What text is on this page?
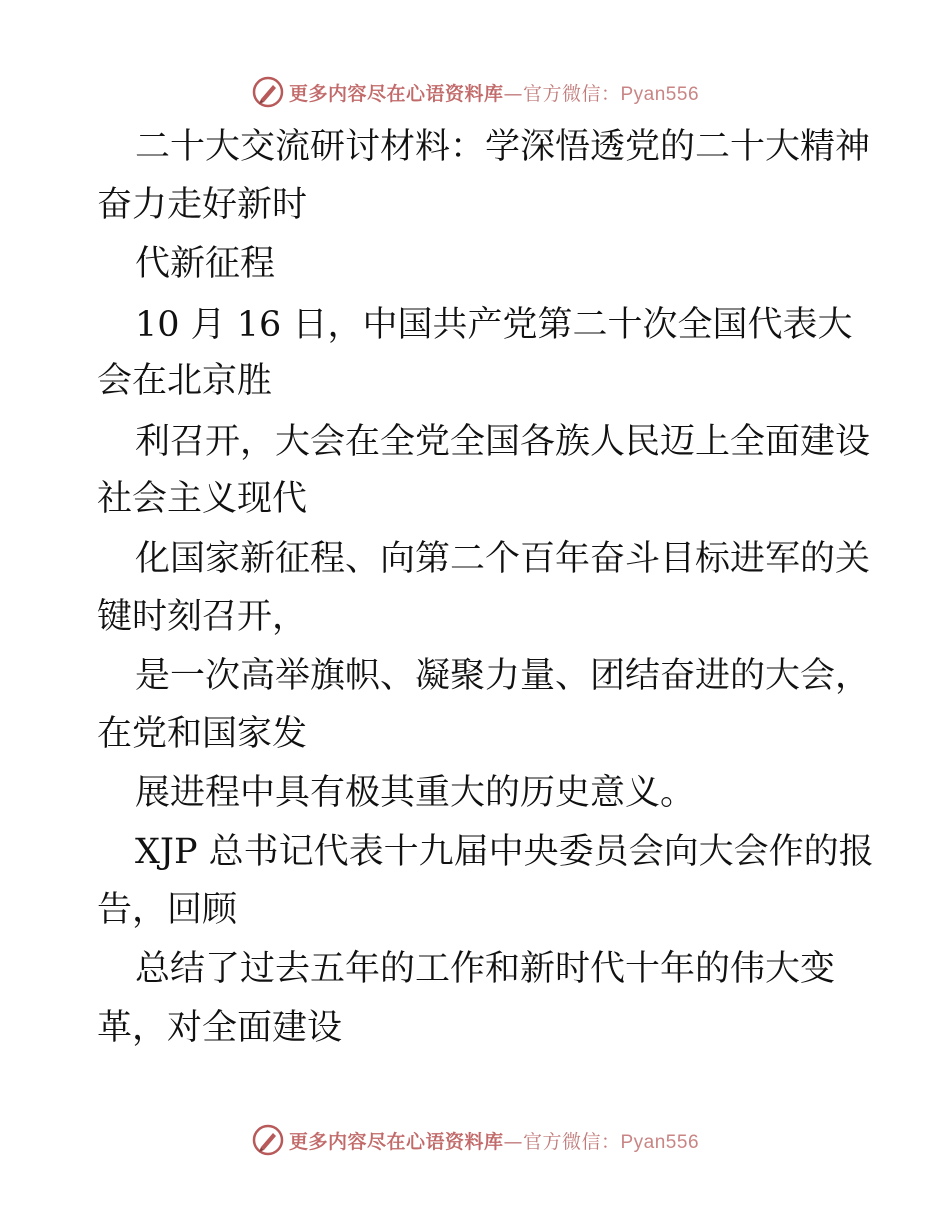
更多内容尽在心语资料库—官方微信：Pyan556
二十大交流研讨材料：学深悟透党的二十大精神
奋力走好新时
代新征程
10 月 16 日，中国共产党第二十次全国代表大
会在北京胜
利召开，大会在全党全国各族人民迈上全面建设
社会主义现代
化国家新征程、向第二个百年奋斗目标进军的关
键时刻召开，
是一次高举旗帜、凝聚力量、团结奋进的大会，
在党和国家发
展进程中具有极其重大的历史意义。
XJP 总书记代表十九届中央委员会向大会作的报
告，回顾
总结了过去五年的工作和新时代十年的伟大变
革，对全面建设
更多内容尽在心语资料库—官方微信：Pyan556
